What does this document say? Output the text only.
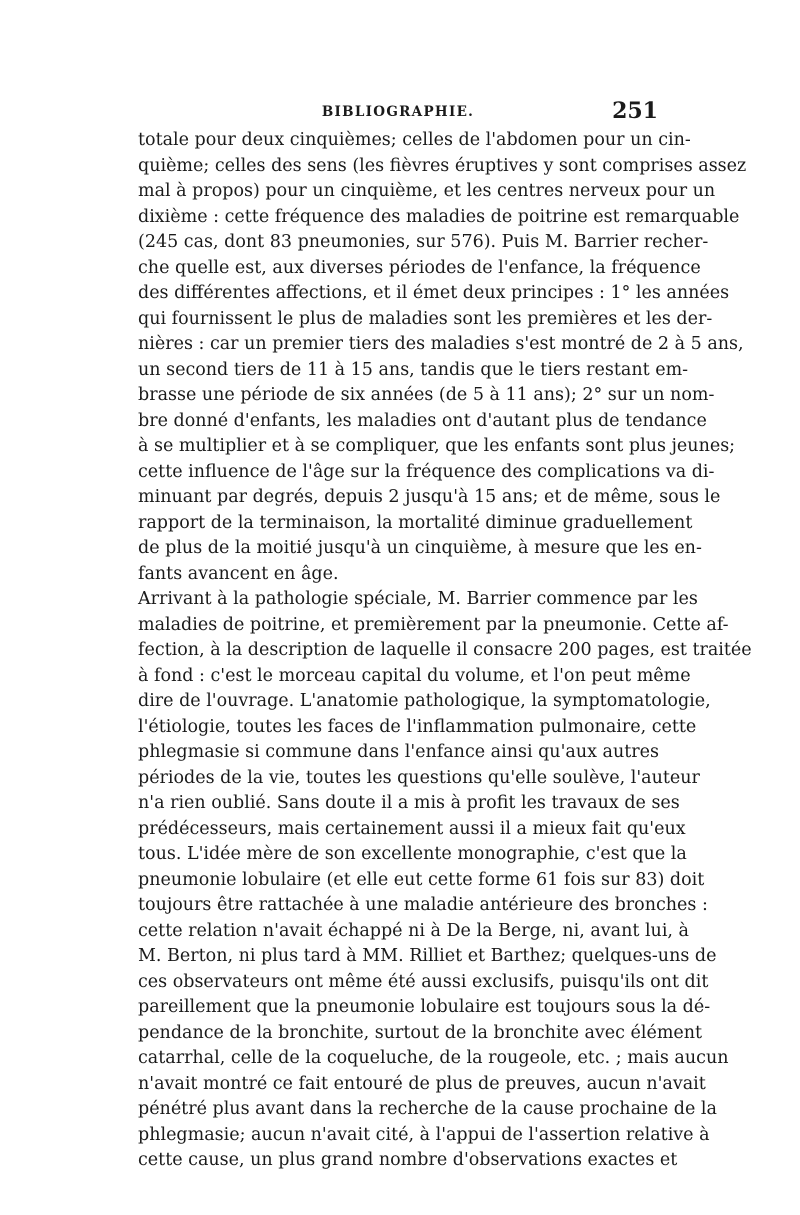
BIBLIOGRAPHIE.	251
totale pour deux cinquièmes; celles de l'abdomen pour un cin-
quième; celles des sens (les fièvres éruptives y sont comprises assez
mal à propos) pour un cinquième, et les centres nerveux pour un
dixième : cette fréquence des maladies de poitrine est remarquable
(245 cas, dont 83 pneumonies, sur 576). Puis M. Barrier recher-
che quelle est, aux diverses périodes de l'enfance, la fréquence
des différentes affections, et il émet deux principes : 1° les années
qui fournissent le plus de maladies sont les premières et les der-
nières : car un premier tiers des maladies s'est montré de 2 à 5 ans,
un second tiers de 11 à 15 ans, tandis que le tiers restant em-
brasse une période de six années (de 5 à 11 ans); 2° sur un nom-
bre donné d'enfants, les maladies ont d'autant plus de tendance
à se multiplier et à se compliquer, que les enfants sont plus jeunes;
cette influence de l'âge sur la fréquence des complications va di-
minuant par degrés, depuis 2 jusqu'à 15 ans; et de même, sous le
rapport de la terminaison, la mortalité diminue graduellement
de plus de la moitié jusqu'à un cinquième, à mesure que les en-
fants avancent en âge.
Arrivant à la pathologie spéciale, M. Barrier commence par les
maladies de poitrine, et premièrement par la pneumonie. Cette af-
fection, à la description de laquelle il consacre 200 pages, est traitée
à fond : c'est le morceau capital du volume, et l'on peut même
dire de l'ouvrage. L'anatomie pathologique, la symptomatologie,
l'étiologie, toutes les faces de l'inflammation pulmonaire, cette
phlegmasie si commune dans l'enfance ainsi qu'aux autres
périodes de la vie, toutes les questions qu'elle soulève, l'auteur
n'a rien oublié. Sans doute il a mis à profit les travaux de ses
prédécesseurs, mais certainement aussi il a mieux fait qu'eux
tous. L'idée mère de son excellente monographie, c'est que la
pneumonie lobulaire (et elle eut cette forme 61 fois sur 83) doit
toujours être rattachée à une maladie antérieure des bronches :
cette relation n'avait échappé ni à De la Berge, ni, avant lui, à
M. Berton, ni plus tard à MM. Rilliet et Barthez; quelques-uns de
ces observateurs ont même été aussi exclusifs, puisqu'ils ont dit
pareillement que la pneumonie lobulaire est toujours sous la dé-
pendance de la bronchite, surtout de la bronchite avec élément
catarrhal, celle de la coqueluche, de la rougeole, etc. ; mais aucun
n'avait montré ce fait entouré de plus de preuves, aucun n'avait
pénétré plus avant dans la recherche de la cause prochaine de la
phlegmasie; aucun n'avait cité, à l'appui de l'assertion relative à
cette cause, un plus grand nombre d'observations exactes et
